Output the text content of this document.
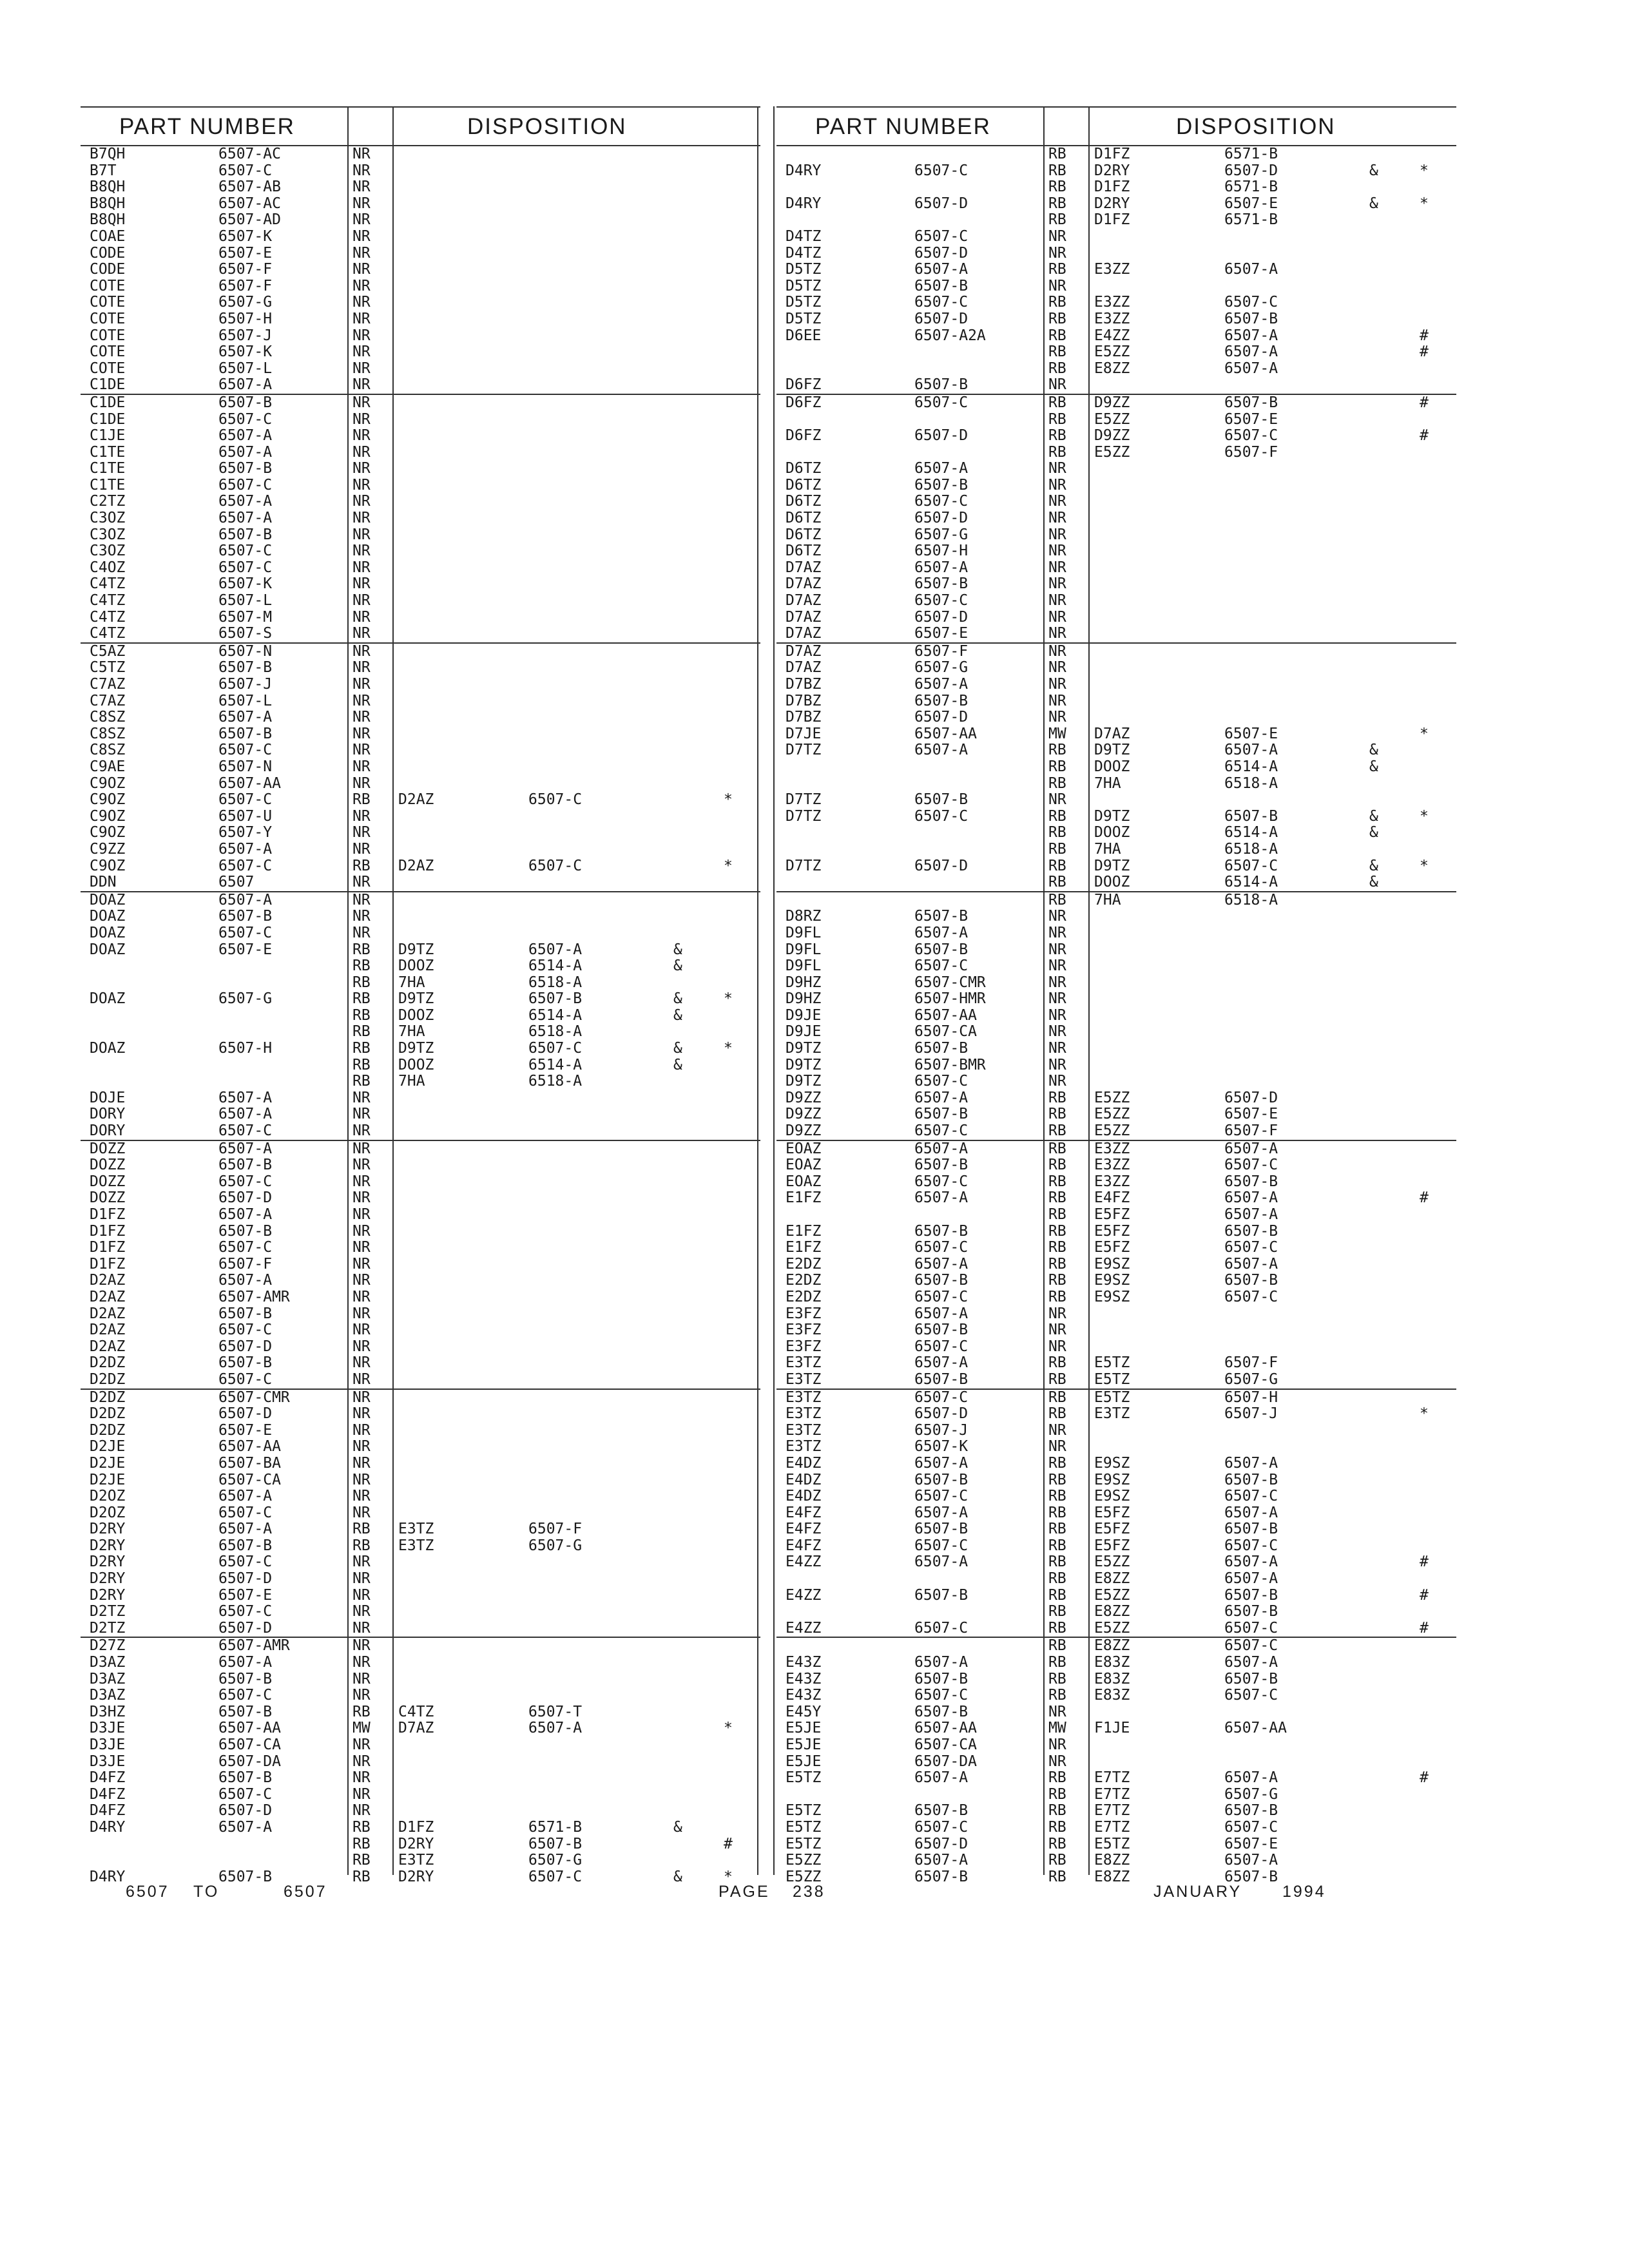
PART NUMBER	DISPOSITION
B7QH	6507-AC	NR
B7T	6507-C	NR
B8QH	6507-AB	NR
B8QH	6507-AC	NR
B8QH	6507-AD	NR
COAE	6507-K	NR
CODE	6507-E	NR
CODE	6507-F	NR
COTE	6507-F	NR
COTE	6507-G	NR
COTE	6507-H	NR
COTE	6507-J	NR
COTE	6507-K	NR
COTE	6507-L	NR
C1DE	6507-A	NR
C1DE	6507-B	NR
C1DE	6507-C	NR
C1JE	6507-A	NR
C1TE	6507-A	NR
C1TE	6507-B	NR
C1TE	6507-C	NR
C2TZ	6507-A	NR
C3OZ	6507-A	NR
C3OZ	6507-B	NR
C3OZ	6507-C	NR
C4OZ	6507-C	NR
C4TZ	6507-K	NR
C4TZ	6507-L	NR
C4TZ	6507-M	NR
C4TZ	6507-S	NR
C5AZ	6507-N	NR
C5TZ	6507-B	NR
C7AZ	6507-J	NR
C7AZ	6507-L	NR
C8SZ	6507-A	NR
C8SZ	6507-B	NR
C8SZ	6507-C	NR
C9AE	6507-N	NR
C9OZ	6507-AA	NR
C9OZ	6507-C	RB D2AZ	6507-C	*
C9OZ	6507-U	NR
C9OZ	6507-Y	NR
C9ZZ	6507-A	NR
C9OZ	6507-C	RB D2AZ	6507-C	*
DDN	6507	NR
DOAZ	6507-A	NR
DOAZ	6507-B	NR
DOAZ	6507-C	NR
DOAZ	6507-E	RB D9TZ	6507-A	&
RB DOOZ	6514-A	&
RB 7HA	6518-A
DOAZ	6507-G	RB D9TZ	6507-B	&	*
RB DOOZ	6514-A	&
RB 7HA	6518-A
DOAZ	6507-H	RB D9TZ	6507-C	&	*
RB DOOZ	6514-A	&
RB 7HA	6518-A
DOJE	6507-A	NR
DORY	6507-A	NR
DORY	6507-C	NR
DOZZ	6507-A	NR
DOZZ	6507-B	NR
DOZZ	6507-C	NR
DOZZ	6507-D	NR
D1FZ	6507-A	NR
D1FZ	6507-B	NR
D1FZ	6507-C	NR
D1FZ	6507-F	NR
D2AZ	6507-A	NR
D2AZ	6507-AMR	NR
D2AZ	6507-B	NR
D2AZ	6507-C	NR
D2AZ	6507-D	NR
D2DZ	6507-B	NR
D2DZ	6507-C	NR
D2DZ	6507-CMR	NR
D2DZ	6507-D	NR
D2DZ	6507-E	NR
D2JE	6507-AA	NR
D2JE	6507-BA	NR
D2JE	6507-CA	NR
D2OZ	6507-A	NR
D2OZ	6507-C	NR
D2RY	6507-A	RB E3TZ	6507-F
D2RY	6507-B	RB E3TZ	6507-G
D2RY	6507-C	NR
D2RY	6507-D	NR
D2RY	6507-E	NR
D2TZ	6507-C	NR
D2TZ	6507-D	NR
D27Z	6507-AMR	NR
D3AZ	6507-A	NR
D3AZ	6507-B	NR
D3AZ	6507-C	NR
D3HZ	6507-B	RB C4TZ	6507-T
D3JE	6507-AA	MW D7AZ	6507-A	*
D3JE	6507-CA	NR
D3JE	6507-DA	NR
D4FZ	6507-B	NR
D4FZ	6507-C	NR
D4FZ	6507-D	NR
D4RY	6507-A	RB D1FZ	6571-B	&
RB D2RY	6507-B	#
RB E3TZ	6507-G
D4RY	6507-B	RB D2RY	6507-C	&	*
PART NUMBER	DISPOSITION
RB D1FZ	6571-B
D4RY	6507-C	RB D2RY	6507-D	&	*
RB D1FZ	6571-B
D4RY	6507-D	RB D2RY	6507-E	&	*
RB D1FZ	6571-B
D4TZ	6507-C	NR
D4TZ	6507-D	NR
D5TZ	6507-A	RB E3ZZ	6507-A
D5TZ	6507-B	NR
D5TZ	6507-C	RB E3ZZ	6507-C
D5TZ	6507-D	RB E3ZZ	6507-B
D6EE	6507-A2A	RB E4ZZ	6507-A	#
RB E5ZZ	6507-A	#
RB E8ZZ	6507-A
D6FZ	6507-B	NR
D6FZ	6507-C	RB D9ZZ	6507-B	#
RB E5ZZ	6507-E
D6FZ	6507-D	RB D9ZZ	6507-C	#
RB E5ZZ	6507-F
D6TZ	6507-A	NR
D6TZ	6507-B	NR
D6TZ	6507-C	NR
D6TZ	6507-D	NR
D6TZ	6507-G	NR
D6TZ	6507-H	NR
D7AZ	6507-A	NR
D7AZ	6507-B	NR
D7AZ	6507-C	NR
D7AZ	6507-D	NR
D7AZ	6507-E	NR
D7AZ	6507-F	NR
D7AZ	6507-G	NR
D7BZ	6507-A	NR
D7BZ	6507-B	NR
D7BZ	6507-D	NR
D7JE	6507-AA	MW D7AZ	6507-E	*
D7TZ	6507-A	RB D9TZ	6507-A	&
RB DOOZ	6514-A	&
RB 7HA	6518-A
D7TZ	6507-B	NR
D7TZ	6507-C	RB D9TZ	6507-B	&	*
RB DOOZ	6514-A	&
RB 7HA	6518-A
D7TZ	6507-D	RB D9TZ	6507-C	&	*
RB DOOZ	6514-A	&
RB 7HA	6518-A
D8RZ	6507-B	NR
D9FL	6507-A	NR
D9FL	6507-B	NR
D9FL	6507-C	NR
D9HZ	6507-CMR	NR
D9HZ	6507-HMR	NR
D9JE	6507-AA	NR
D9JE	6507-CA	NR
D9TZ	6507-B	NR
D9TZ	6507-BMR	NR
D9TZ	6507-C	NR
D9ZZ	6507-A	RB E5ZZ	6507-D
D9ZZ	6507-B	RB E5ZZ	6507-E
D9ZZ	6507-C	RB E5ZZ	6507-F
EOAZ	6507-A	RB E3ZZ	6507-A
EOAZ	6507-B	RB E3ZZ	6507-C
EOAZ	6507-C	RB E3ZZ	6507-B
E1FZ	6507-A	RB E4FZ	6507-A	#
RB E5FZ	6507-A
E1FZ	6507-B	RB E5FZ	6507-B
E1FZ	6507-C	RB E5FZ	6507-C
E2DZ	6507-A	RB E9SZ	6507-A
E2DZ	6507-B	RB E9SZ	6507-B
E2DZ	6507-C	RB E9SZ	6507-C
E3FZ	6507-A	NR
E3FZ	6507-B	NR
E3FZ	6507-C	NR
E3TZ	6507-A	RB E5TZ	6507-F
E3TZ	6507-B	RB E5TZ	6507-G
E3TZ	6507-C	RB E5TZ	6507-H
E3TZ	6507-D	RB E3TZ	6507-J	*
E3TZ	6507-J	NR
E3TZ	6507-K	NR
E4DZ	6507-A	RB E9SZ	6507-A
E4DZ	6507-B	RB E9SZ	6507-B
E4DZ	6507-C	RB E9SZ	6507-C
E4FZ	6507-A	RB E5FZ	6507-A
E4FZ	6507-B	RB E5FZ	6507-B
E4FZ	6507-C	RB E5FZ	6507-C
E4ZZ	6507-A	RB E5ZZ	6507-A	#
RB E8ZZ	6507-A
E4ZZ	6507-B	RB E5ZZ	6507-B	#
RB E8ZZ	6507-B
E4ZZ	6507-C	RB E5ZZ	6507-C	#
RB E8ZZ	6507-C
E43Z	6507-A	RB E83Z	6507-A
E43Z	6507-B	RB E83Z	6507-B
E43Z	6507-C	RB E83Z	6507-C
E45Y	6507-B	NR
E5JE	6507-AA	MW F1JE	6507-AA
E5JE	6507-CA	NR
E5JE	6507-DA	NR
E5TZ	6507-A	RB E7TZ	6507-A	#
RB E7TZ	6507-G
E5TZ	6507-B	RB E7TZ	6507-B
E5TZ	6507-C	RB E7TZ	6507-C
E5TZ	6507-D	RB E5TZ	6507-E
E5ZZ	6507-A	RB E8ZZ	6507-A
E5ZZ	6507-B	RB E8ZZ	6507-B
6507 TO	6507	PAGE 238	JANUARY	1994
